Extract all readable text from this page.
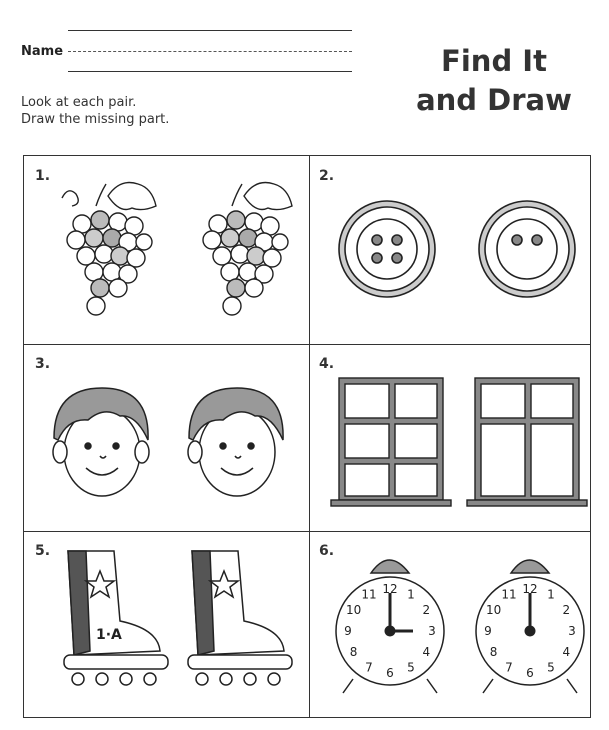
Name	Find It
and Draw
Look at each pair.
Draw the missing part.
1.	2.
3.	4.
5.
1·A
6.
12 1
2
3
4
5
6
7
8
9
10
11	12 1
2
3
4
5
6
7
8
9
10
11
